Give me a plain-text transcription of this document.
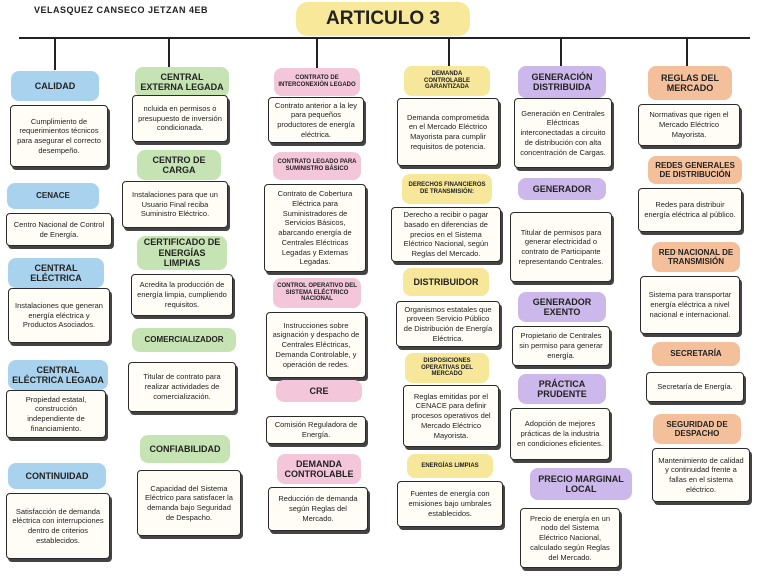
VELASQUEZ CANSECO JETZAN 4EB	ARTICULO 3
CALIDAD
Cumplimiento de requerimientos técnicos para asegurar el correcto desempeño.
CENACE
Centro Nacional de Control de Energía.
CENTRAL ELÉCTRICA
Instalaciones que generan energía eléctrica y Productos Asociados.
CENTRAL ELÉCTRICA LEGADA
Propiedad estatal, construcción independiente de financiamiento.
CONTINUIDAD
Satisfacción de demanda eléctrica con interrupciones dentro de criterios establecidos.
CENTRAL EXTERNA LEGADA
ncluida en permisos o presupuesto de inversión condicionada.
CENTRO DE CARGA
Instalaciones para que un Usuario Final reciba Suministro Eléctrico.
CERTIFICADO DE ENERGÍAS LIMPIAS
Acredita la producción de energía limpia, cumpliendo requisitos.
COMERCIALIZADOR
Titular de contrato para realizar actividades de comercialización.
CONFIABILIDAD
Capacidad del Sistema Eléctrico para satisfacer la demanda bajo Seguridad de Despacho.
CONTRATO DE INTERCONEXIÓN LEGADO
Contrato anterior a la ley para pequeños productores de energía eléctrica.
CONTRATO LEGADO PARA SUMINISTRO BÁSICO
Contrato de Cobertura Eléctrica para Suministradores de Servicios Básicos, abarcando energía de Centrales Eléctricas Legadas y Externas Legadas.
CONTROL OPERATIVO DEL SISTEMA ELÉCTRICO NACIONAL
Instrucciones sobre asignación y despacho de Centrales Eléctricas, Demanda Controlable, y operación de redes.
CRE
Comisión Reguladora de Energía.
DEMANDA CONTROLABLE
Reducción de demanda según Reglas del Mercado.
DEMANDA CONTROLABLE GARANTIZADA
Demanda comprometida en el Mercado Eléctrico Mayorista para cumplir requisitos de potencia.
DERECHOS FINANCIEROS DE TRANSMISIÓN:
Derecho a recibir o pagar basado en diferencias de precios en el Sistema Eléctrico Nacional, según Reglas del Mercado.
DISTRIBUIDOR
Organismos estatales que proveen Servicio Público de Distribución de Energía Eléctrica.
DISPOSICIONES OPERATIVAS DEL MERCADO
Reglas emitidas por el CENACE para definir procesos operativos del Mercado Eléctrico Mayorista.
ENERGÍAS LIMPIAS
Fuentes de energía con emisiones bajo umbrales establecidos.
GENERACIÓN DISTRIBUIDA
Generación en Centrales Eléctricas interconectadas a circuito de distribución con alta concentración de Cargas.
GENERADOR
Titular de permisos para generar electricidad o contrato de Participante representando Centrales.
GENERADOR EXENTO
Propietario de Centrales sin permiso para generar energía.
PRÁCTICA PRUDENTE
Adopción de mejores prácticas de la industria en condiciones eficientes.
PRECIO MARGINAL LOCAL
Precio de energía en un nodo del Sistema Eléctrico Nacional, calculado según Reglas del Mercado.
REGLAS DEL MERCADO
Normativas que rigen el Mercado Eléctrico Mayorista.
REDES GENERALES DE DISTRIBUCIÓN
Redes para distribuir energía eléctrica al público.
RED NACIONAL DE TRANSMISIÓN
Sistema para transportar energía eléctrica a nivel nacional e internacional.
SECRETARÍA
Secretaría de Energía.
SEGURIDAD DE DESPACHO
Mantenimiento de calidad y continuidad frente a fallas en el sistema eléctrico.
